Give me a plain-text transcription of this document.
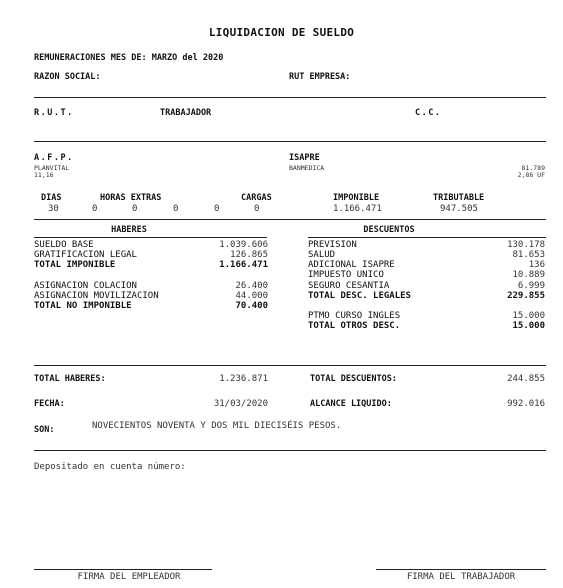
LIQUIDACION DE SUELDO
REMUNERACIONES MES DE: MARZO del 2020
RAZON SOCIAL:	RUT EMPRESA:
R.U.T.	TRABAJADOR	C.C.
A.F.P.
PLANVITAL
11,16
ISAPRE
BANMEDICA	81.789
2,86 UF
DIAS	HORAS EXTRAS	CARGAS	IMPONIBLE	TRIBUTABLE
30	0	0	0	0	0	1.166.471	947.505
HABERES	DESCUENTOS
SUELDO BASE	1.039.606
GRATIFICACION LEGAL	126.865
TOTAL IMPONIBLE	1.166.471
ASIGNACION COLACION	26.400
ASIGNACION MOVILIZACION	44.000
TOTAL NO IMPONIBLE	70.400
PREVISION	130.178
SALUD	81.653
ADICIONAL ISAPRE	136
IMPUESTO UNICO	10.889
SEGURO CESANTIA	6.999
TOTAL DESC. LEGALES	229.855
PTMO CURSO INGLES	15.000
TOTAL OTROS DESC.	15.000
TOTAL HABERES:	1.236.871	TOTAL DESCUENTOS:	244.855
FECHA:	31/03/2020	ALCANCE LIQUIDO:	992.016
SON:	NOVECIENTOS NOVENTA Y DOS MIL DIECISÉIS PESOS.
Depositado en cuenta número:
FIRMA DEL EMPLEADOR	FIRMA DEL TRABAJADOR
